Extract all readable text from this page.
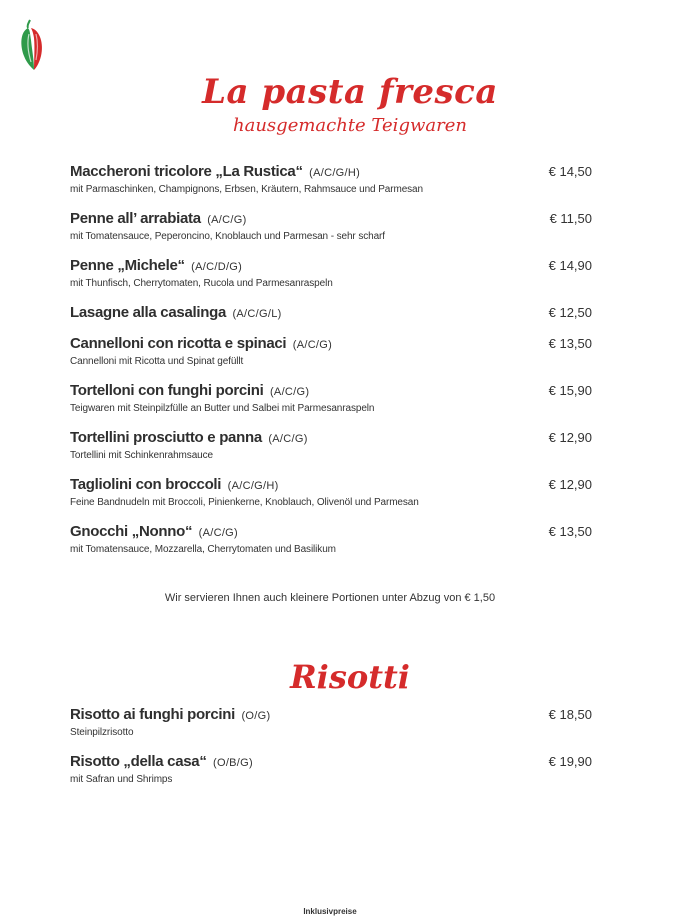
La pasta fresca
hausgemachte Teigwaren
Maccheroni tricolore „La Rustica“ (A/C/G/H)	€ 14,50
mit Parmaschinken, Champignons, Erbsen, Kräutern, Rahmsauce und Parmesan
Penne all’ arrabiata (A/C/G)	€ 11,50
mit Tomatensauce, Peperoncino, Knoblauch und Parmesan - sehr scharf
Penne „Michele“ (A/C/D/G)	€ 14,90
mit Thunfisch, Cherrytomaten, Rucola und Parmesanraspeln
Lasagne alla casalinga (A/C/G/L)	€ 12,50
Cannelloni con ricotta e spinaci (A/C/G)	€ 13,50
Cannelloni mit Ricotta und Spinat gefüllt
Tortelloni con funghi porcini (A/C/G)	€ 15,90
Teigwaren mit Steinpilzfülle an Butter und Salbei mit Parmesanraspeln
Tortellini prosciutto e panna (A/C/G)	€ 12,90
Tortellini mit Schinkenrahmsauce
Tagliolini con broccoli (A/C/G/H)	€ 12,90
Feine Bandnudeln mit Broccoli, Pinienkerne, Knoblauch, Olivenöl und Parmesan
Gnocchi „Nonno“ (A/C/G)	€ 13,50
mit Tomatensauce, Mozzarella, Cherrytomaten und Basilikum
Wir servieren Ihnen auch kleinere Portionen unter Abzug von € 1,50
Risotti
Risotto ai funghi porcini (O/G)	€ 18,50
Steinpilzrisotto
Risotto „della casa“ (O/B/G)	€ 19,90
mit Safran und Shrimps
Inklusivpreise
